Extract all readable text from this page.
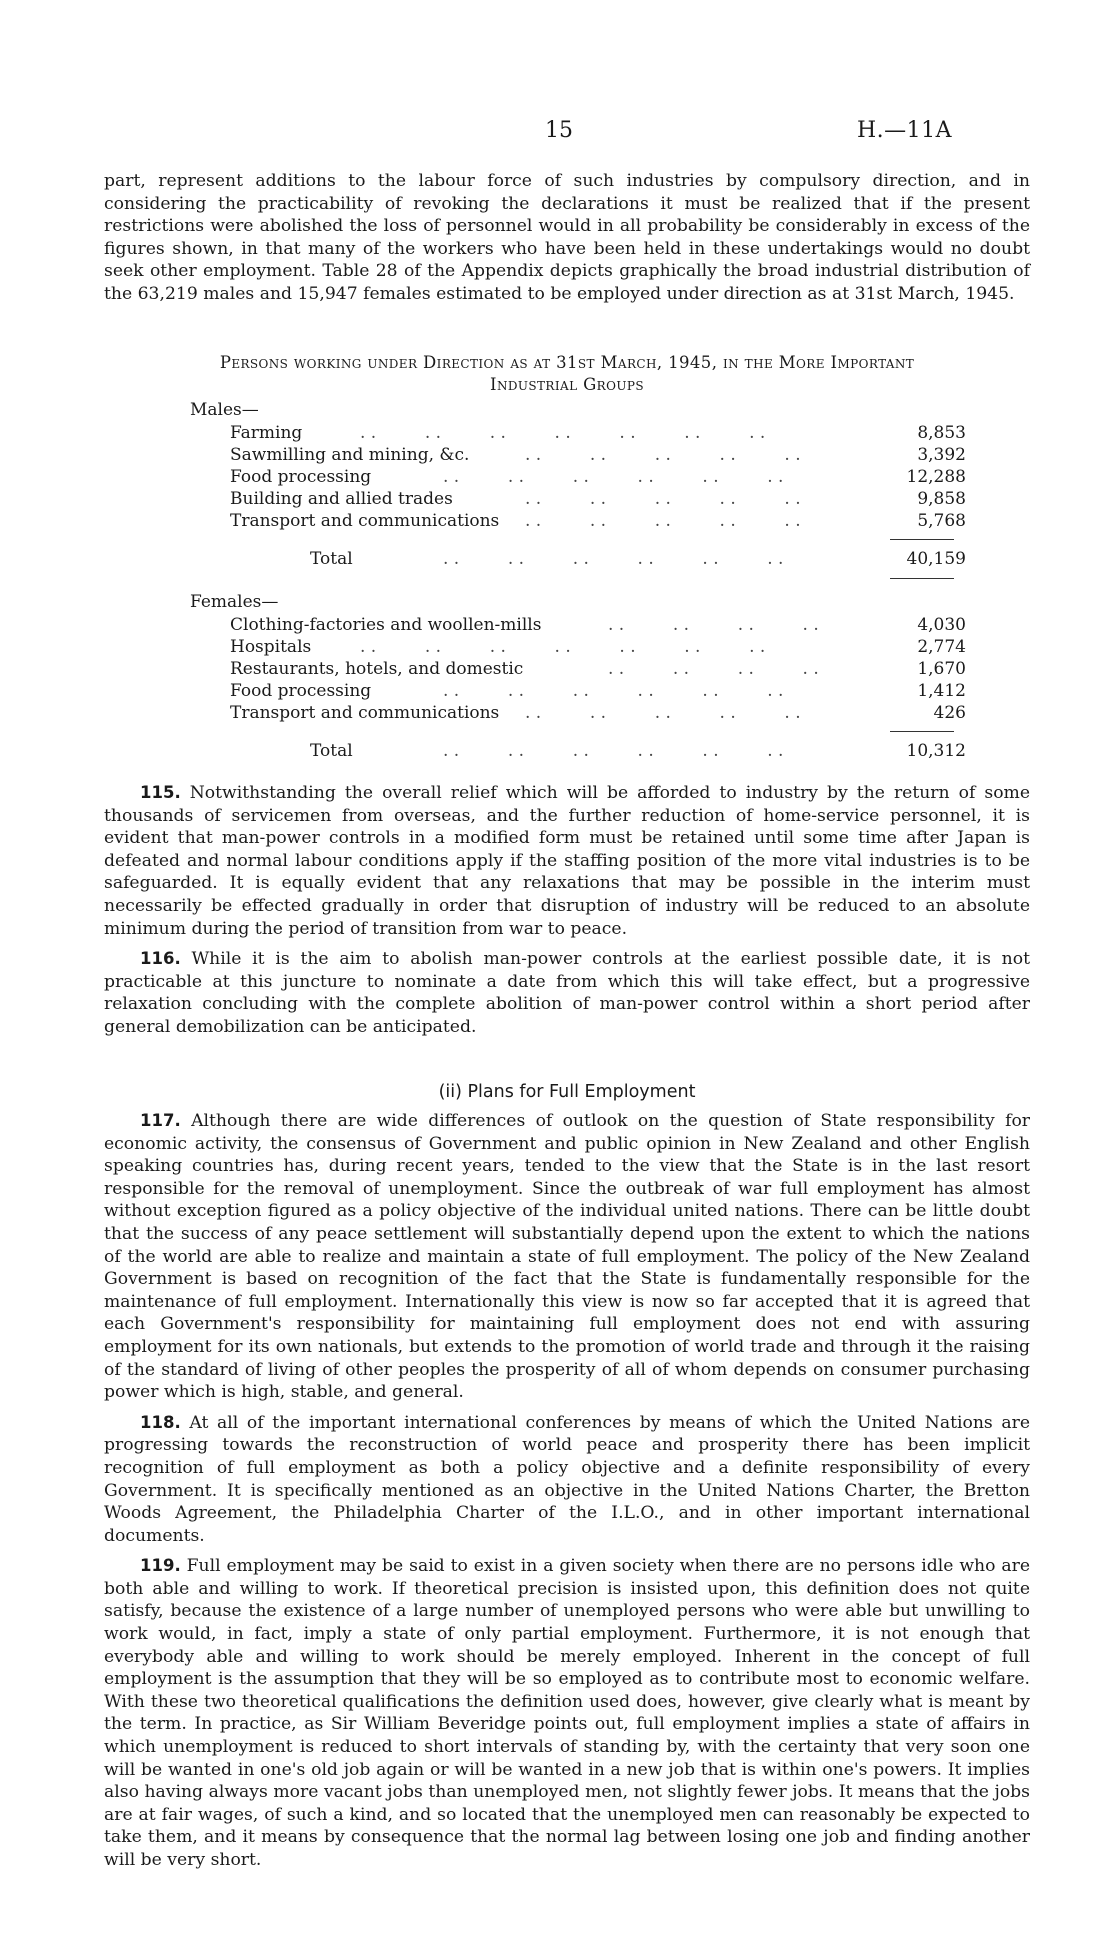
15	H.—11A

part, represent additions to the labour force of such industries by compulsory direction, and in considering the practicability of revoking the declarations it must be realized that if the present restrictions were abolished the loss of personnel would in all probability be considerably in excess of the figures shown, in that many of the workers who have been held in these undertakings would no doubt seek other employment. Table 28 of the Appendix depicts graphically the broad industrial distribution of the 63,219 males and 15,947 females estimated to be employed under direction as at 31st March, 1945.

Persons working under Direction as at 31st March, 1945, in the More Important
Industrial Groups
Males—
Farming	. .         . .         . .         . .         . .         . .         . .	8,853
Sawmilling and mining, &c.	. .         . .         . .         . .         . .	3,392
Food processing	. .         . .         . .         . .         . .         . .	12,288
Building and allied trades	. .         . .         . .         . .         . .	9,858
Transport and communications . .         . .         . .         . .         . .	5,768
Total	. .         . .         . .         . .         . .         . .	40,159
Females—
Clothing-factories and woollen-mills	. .         . .         . .         . .	4,030
Hospitals	. .         . .         . .         . .         . .         . .         . .	2,774
Restaurants, hotels, and domestic	. .         . .         . .         . .	1,670
Food processing	. .         . .         . .         . .         . .         . .	1,412
Transport and communications . .         . .         . .         . .         . .	426
Total	. .         . .         . .         . .         . .         . .	10,312

115. Notwithstanding the overall relief which will be afforded to industry by the return of some thousands of servicemen from overseas, and the further reduction of home-service personnel, it is evident that man-power controls in a modified form must be retained until some time after Japan is defeated and normal labour conditions apply if the staffing position of the more vital industries is to be safeguarded. It is equally evident that any relaxations that may be possible in the interim must necessarily be effected gradually in order that disruption of industry will be reduced to an absolute minimum during the period of transition from war to peace.

116. While it is the aim to abolish man-power controls at the earliest possible date, it is not practicable at this juncture to nominate a date from which this will take effect, but a progressive relaxation concluding with the complete abolition of man-power control within a short period after general demobilization can be anticipated.

(ii) Plans for Full Employment

117. Although there are wide differences of outlook on the question of State responsibility for economic activity, the consensus of Government and public opinion in New Zealand and other English speaking countries has, during recent years, tended to the view that the State is in the last resort responsible for the removal of unemployment. Since the outbreak of war full employment has almost without exception figured as a policy objective of the individual united nations. There can be little doubt that the success of any peace settlement will substantially depend upon the extent to which the nations of the world are able to realize and maintain a state of full employment. The policy of the New Zealand Government is based on recognition of the fact that the State is fundamentally responsible for the maintenance of full employment. Internationally this view is now so far accepted that it is agreed that each Government's responsibility for maintaining full employment does not end with assuring employment for its own nationals, but extends to the promotion of world trade and through it the raising of the standard of living of other peoples the prosperity of all of whom depends on consumer purchasing power which is high, stable, and general.

118. At all of the important international conferences by means of which the United Nations are progressing towards the reconstruction of world peace and prosperity there has been implicit recognition of full employment as both a policy objective and a definite responsibility of every Government. It is specifically mentioned as an objective in the United Nations Charter, the Bretton Woods Agreement, the Philadelphia Charter of the I.L.O., and in other important international documents.

119. Full employment may be said to exist in a given society when there are no persons idle who are both able and willing to work. If theoretical precision is insisted upon, this definition does not quite satisfy, because the existence of a large number of unemployed persons who were able but unwilling to work would, in fact, imply a state of only partial employment. Furthermore, it is not enough that everybody able and willing to work should be merely employed. Inherent in the concept of full employment is the assumption that they will be so employed as to contribute most to economic welfare. With these two theoretical qualifications the definition used does, however, give clearly what is meant by the term. In practice, as Sir William Beveridge points out, full employment implies a state of affairs in which unemployment is reduced to short intervals of standing by, with the certainty that very soon one will be wanted in one's old job again or will be wanted in a new job that is within one's powers. It implies also having always more vacant jobs than unemployed men, not slightly fewer jobs. It means that the jobs are at fair wages, of such a kind, and so located that the unemployed men can reasonably be expected to take them, and it means by consequence that the normal lag between losing one job and finding another will be very short.
